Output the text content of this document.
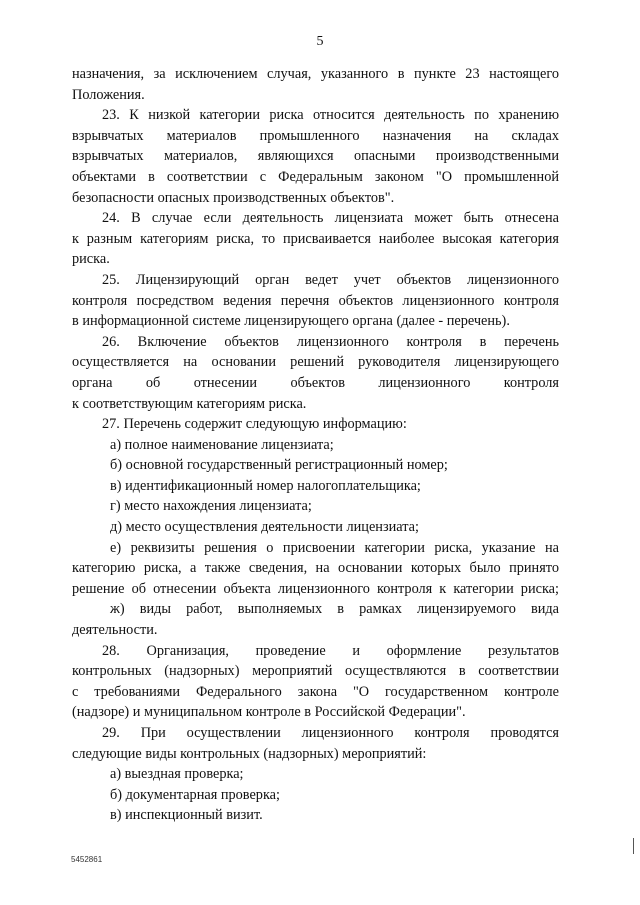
5
назначения, за исключением случая, указанного в пункте 23 настоящего
Положения.
23. К низкой категории риска относится деятельность по хранению
взрывчатых материалов промышленного назначения на складах
взрывчатых материалов, являющихся опасными производственными
объектами в соответствии с Федеральным законом "О промышленной
безопасности опасных производственных объектов".
24. В случае если деятельность лицензиата может быть отнесена
к разным категориям риска, то присваивается наиболее высокая категория
риска.
25. Лицензирующий орган ведет учет объектов лицензионного
контроля посредством ведения перечня объектов лицензионного контроля
в информационной системе лицензирующего органа (далее - перечень).
26. Включение объектов лицензионного контроля в перечень
осуществляется на основании решений руководителя лицензирующего
органа об отнесении объектов лицензионного контроля
к соответствующим категориям риска.
27. Перечень содержит следующую информацию:
а) полное наименование лицензиата;
б) основной государственный регистрационный номер;
в) идентификационный номер налогоплательщика;
г) место нахождения лицензиата;
д) место осуществления деятельности лицензиата;
е) реквизиты решения о присвоении категории риска, указание на
категорию риска, а также сведения, на основании которых было принято
решение об отнесении объекта лицензионного контроля к категории риска;
ж) виды работ, выполняемых в рамках лицензируемого вида
деятельности.
28. Организация, проведение и оформление результатов
контрольных (надзорных) мероприятий осуществляются в соответствии
с требованиями Федерального закона "О государственном контроле
(надзоре) и муниципальном контроле в Российской Федерации".
29. При осуществлении лицензионного контроля проводятся
следующие виды контрольных (надзорных) мероприятий:
а) выездная проверка;
б) документарная проверка;
в) инспекционный визит.
5452861
